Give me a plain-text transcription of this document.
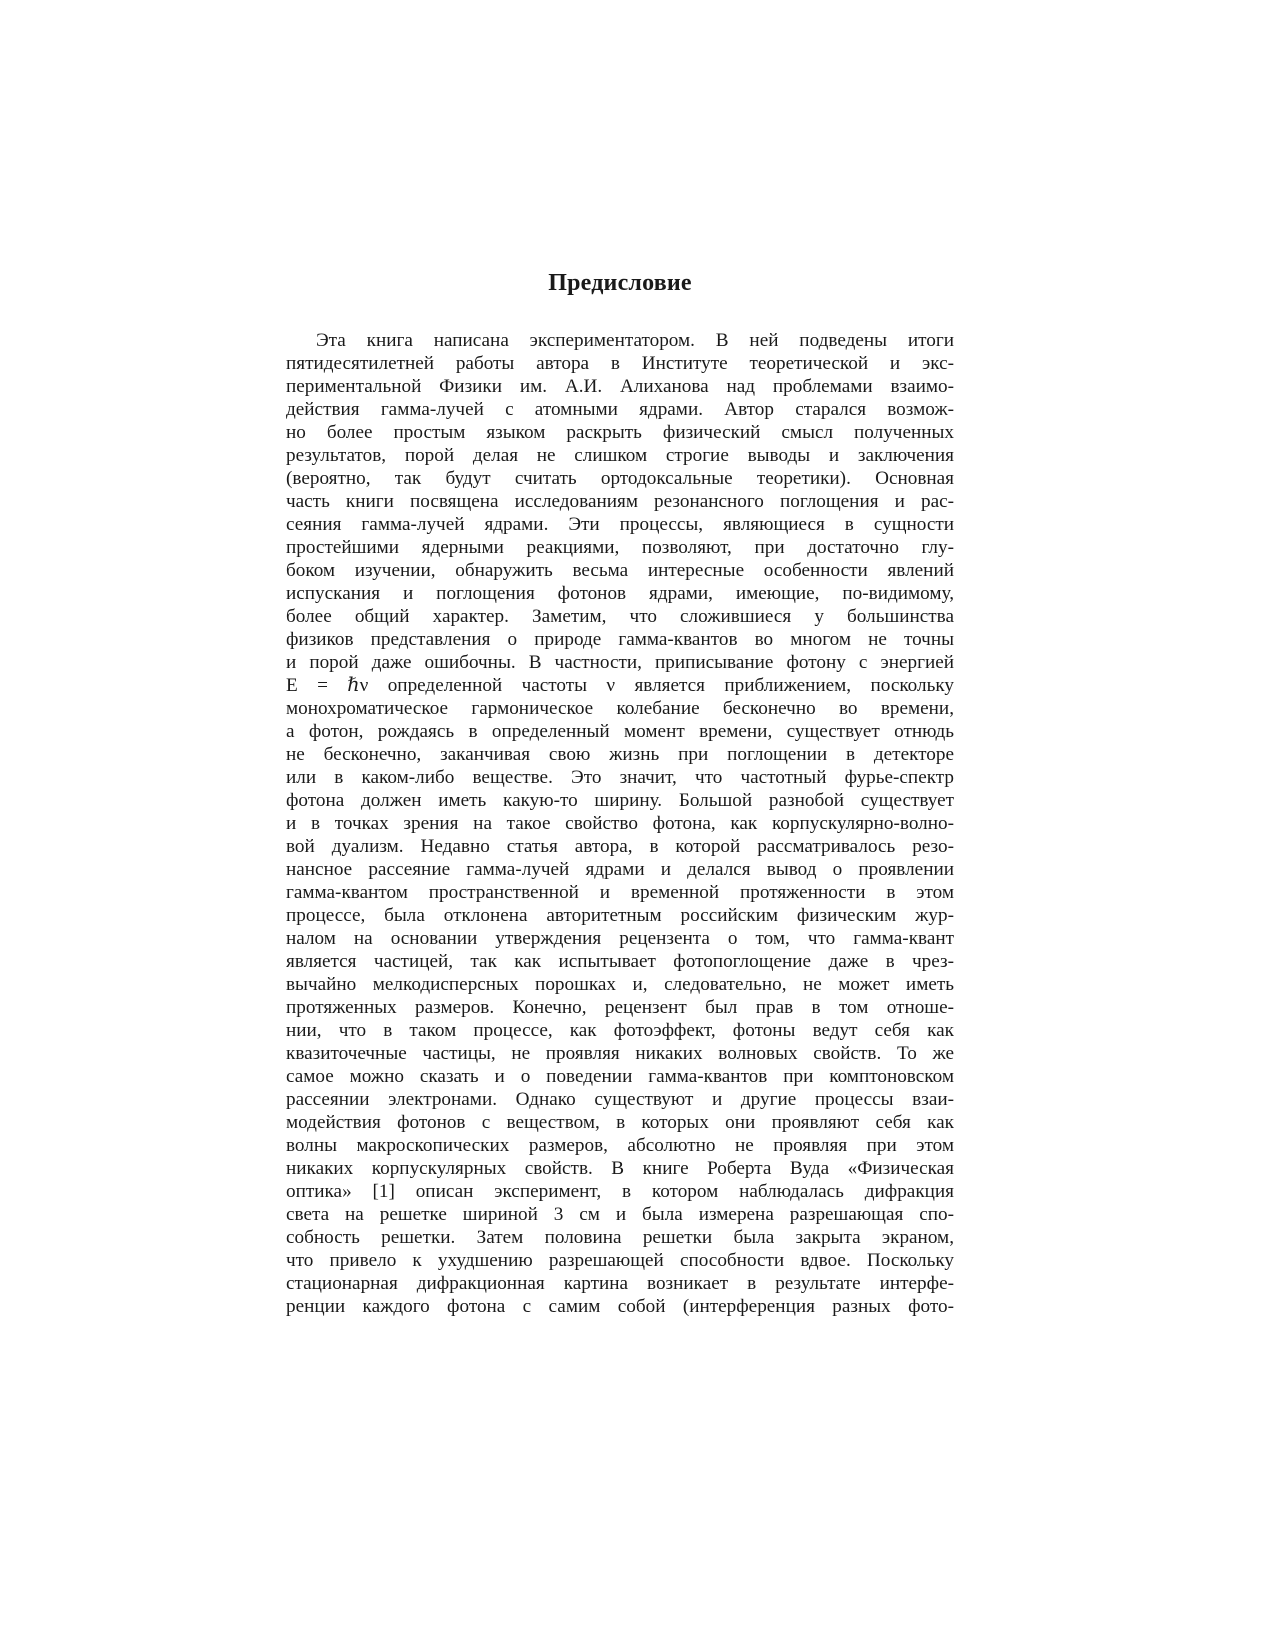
Предисловие
Эта книга написана экспериментатором. В ней подведены итоги
пятидесятилетней работы автора в Институте теоретической и экс-
периментальной Физики им. А.И. Алиханова над проблемами взаимо-
действия гамма-лучей с атомными ядрами. Автор старался возмож-
но более простым языком раскрыть физический смысл полученных
результатов, порой делая не слишком строгие выводы и заключения
(вероятно, так будут считать ортодоксальные теоретики). Основная
часть книги посвящена исследованиям резонансного поглощения и рас-
сеяния гамма-лучей ядрами. Эти процессы, являющиеся в сущности
простейшими ядерными реакциями, позволяют, при достаточно глу-
боком изучении, обнаружить весьма интересные особенности явлений
испускания и поглощения фотонов ядрами, имеющие, по-видимому,
более общий характер. Заметим, что сложившиеся у большинства
физиков представления о природе гамма-квантов во многом не точны
и порой даже ошибочны. В частности, приписывание фотону с энергией
E = ℏν определенной частоты ν является приближением, поскольку
монохроматическое гармоническое колебание бесконечно во времени,
а фотон, рождаясь в определенный момент времени, существует отнюдь
не бесконечно, заканчивая свою жизнь при поглощении в детекторе
или в каком-либо веществе. Это значит, что частотный фурье-спектр
фотона должен иметь какую-то ширину. Большой разнобой существует
и в точках зрения на такое свойство фотона, как корпускулярно-волно-
вой дуализм. Недавно статья автора, в которой рассматривалось резо-
нансное рассеяние гамма-лучей ядрами и делался вывод о проявлении
гамма-квантом пространственной и временной протяженности в этом
процессе, была отклонена авторитетным российским физическим жур-
налом на основании утверждения рецензента о том, что гамма-квант
является частицей, так как испытывает фотопоглощение даже в чрез-
вычайно мелкодисперсных порошках и, следовательно, не может иметь
протяженных размеров. Конечно, рецензент был прав в том отноше-
нии, что в таком процессе, как фотоэффект, фотоны ведут себя как
квазиточечные частицы, не проявляя никаких волновых свойств. То же
самое можно сказать и о поведении гамма-квантов при комптоновском
рассеянии электронами. Однако существуют и другие процессы взаи-
модействия фотонов с веществом, в которых они проявляют себя как
волны макроскопических размеров, абсолютно не проявляя при этом
никаких корпускулярных свойств. В книге Роберта Вуда «Физическая
оптика» [1] описан эксперимент, в котором наблюдалась дифракция
света на решетке шириной 3 см и была измерена разрешающая спо-
собность решетки. Затем половина решетки была закрыта экраном,
что привело к ухудшению разрешающей способности вдвое. Поскольку
стационарная дифракционная картина возникает в результате интерфе-
ренции каждого фотона с самим собой (интерференция разных фото-
